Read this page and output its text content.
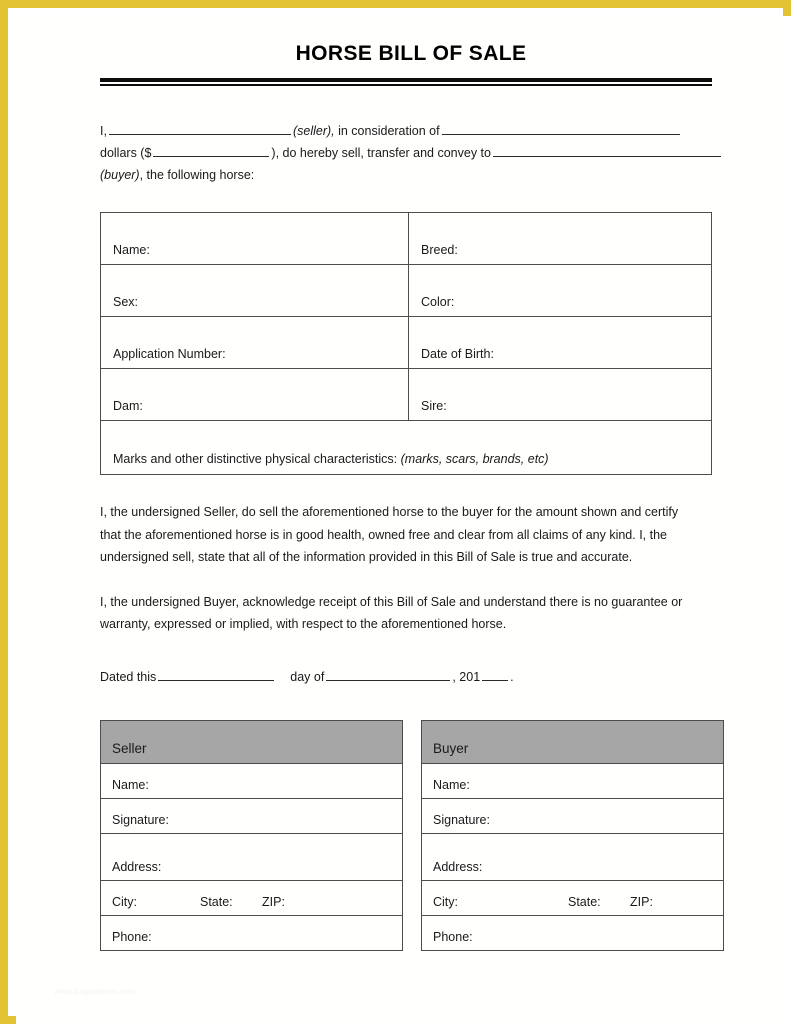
HORSE BILL OF SALE
I,	(seller), in consideration of
dollars ($	), do hereby sell, transfer and convey to
(buyer), the following horse:
Name:	Breed:
Sex:	Color:
Application Number:	Date of Birth:
Dam:	Sire:
Marks and other distinctive physical characteristics: (marks, scars, brands, etc)	

I, the undersigned Seller, do sell the aforementioned horse to the buyer for the amount shown and certify that the aforementioned horse is in good health, owned free and clear from all claims of any kind. I, the undersigned sell, state that all of the information provided in this Bill of Sale is true and accurate.

I, the undersigned Buyer, acknowledge receipt of this Bill of Sale and understand there is no guarantee or warranty, expressed or implied, with respect to the aforementioned horse.

Dated this	day of	, 201 .
Seller
Name:
Signature:
Address:

City:	State:	ZIP:

Phone:
Buyer
Name:
Signature:
Address:

City:	State:	ZIP:

Phone:
www.pageplates.com
